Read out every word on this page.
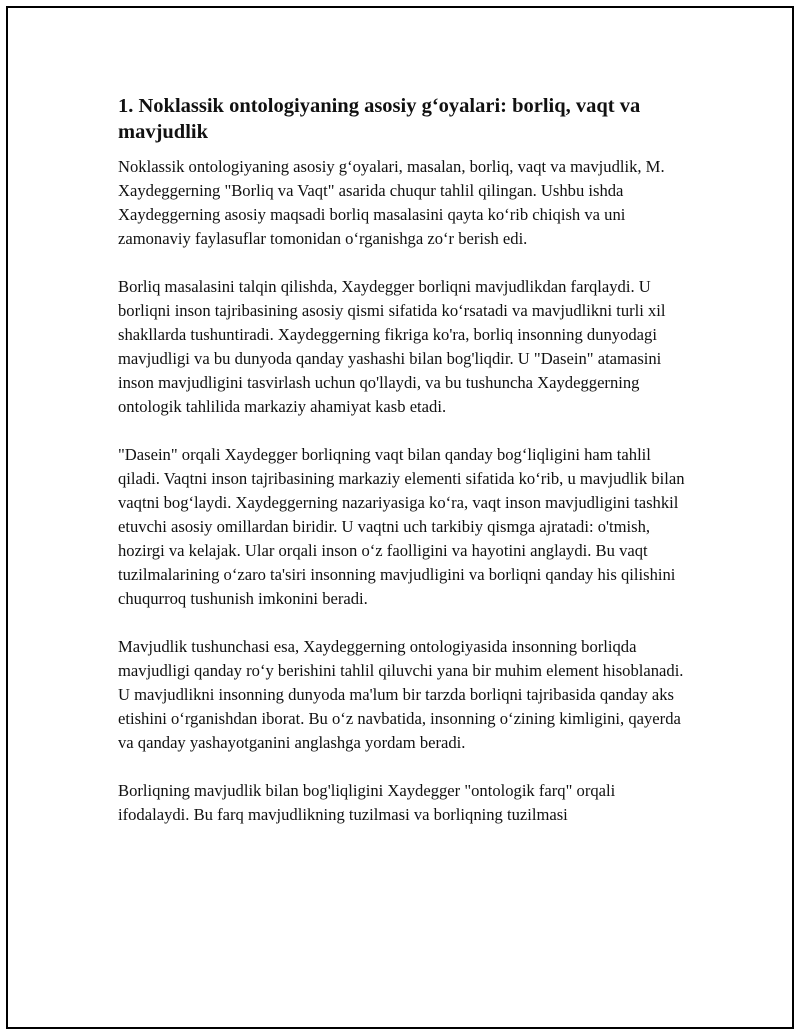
1. Noklassik ontologiyaning asosiy g‘oyalari: borliq, vaqt va mavjudlik

Noklassik ontologiyaning asosiy g‘oyalari, masalan, borliq, vaqt va mavjudlik, M. Xaydeggerning "Borliq va Vaqt" asarida chuqur tahlil qilingan. Ushbu ishda Xaydeggerning asosiy maqsadi borliq masalasini qayta ko‘rib chiqish va uni zamonaviy faylasuflar tomonidan o‘rganishga zo‘r berish edi.

Borliq masalasini talqin qilishda, Xaydegger borliqni mavjudlikdan farqlaydi. U borliqni inson tajribasining asosiy qismi sifatida ko‘rsatadi va mavjudlikni turli xil shakllarda tushuntiradi. Xaydeggerning fikriga ko'ra, borliq insonning dunyodagi mavjudligi va bu dunyoda qanday yashashi bilan bog'liqdir. U "Dasein" atamasini inson mavjudligini tasvirlash uchun qo'llaydi, va bu tushuncha Xaydeggerning ontologik tahlilida markaziy ahamiyat kasb etadi.

"Dasein" orqali Xaydegger borliqning vaqt bilan qanday bog‘liqligini ham tahlil qiladi. Vaqtni inson tajribasining markaziy elementi sifatida ko‘rib, u mavjudlik bilan vaqtni bog‘laydi. Xaydeggerning nazariyasiga ko‘ra, vaqt inson mavjudligini tashkil etuvchi asosiy omillardan biridir. U vaqtni uch tarkibiy qismga ajratadi: o'tmish, hozirgi va kelajak. Ular orqali inson o‘z faolligini va hayotini anglaydi. Bu vaqt tuzilmalarining o‘zaro ta'siri insonning mavjudligini va borliqni qanday his qilishini chuqurroq tushunish imkonini beradi.

Mavjudlik tushunchasi esa, Xaydeggerning ontologiyasida insonning borliqda mavjudligi qanday ro‘y berishini tahlil qiluvchi yana bir muhim element hisoblanadi. U mavjudlikni insonning dunyoda ma'lum bir tarzda borliqni tajribasida qanday aks etishini o‘rganishdan iborat. Bu o‘z navbatida, insonning o‘zining kimligini, qayerda va qanday yashayotganini anglashga yordam beradi.

Borliqning mavjudlik bilan bog'liqligini Xaydegger "ontologik farq" orqali ifodalaydi. Bu farq mavjudlikning tuzilmasi va borliqning tuzilmasi
